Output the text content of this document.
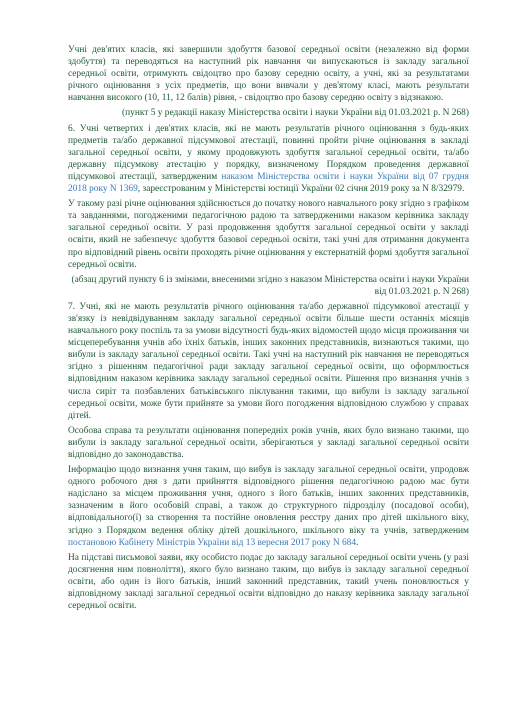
Учні дев'ятих класів, які завершили здобуття базової середньої освіти (незалежно від форми здобуття) та переводяться на наступний рік навчання чи випускаються із закладу загальної середньої освіти, отримують свідоцтво про базову середню освіту, а учні, які за результатами річного оцінювання з усіх предметів, що вони вивчали у дев'ятому класі, мають результати навчання високого (10, 11, 12 балів) рівня, - свідоцтво про базову середню освіту з відзнакою.

(пункт 5 у редакції наказу Міністерства освіти і науки України від 01.03.2021 р. N 268)

6. Учні четвертих і дев'ятих класів, які не мають результатів річного оцінювання з будь-яких предметів та/або державної підсумкової атестації, повинні пройти річне оцінювання в закладі загальної середньої освіти, у якому продовжують здобуття загальної середньої освіти, та/або державну підсумкову атестацію у порядку, визначеному Порядком проведення державної підсумкової атестації, затвердженим наказом Міністерства освіти і науки України від 07 грудня 2018 року N 1369, зареєстрованим у Міністерстві юстиції України 02 січня 2019 року за N 8/32979.

У такому разі річне оцінювання здійснюється до початку нового навчального року згідно з графіком та завданнями, погодженими педагогічною радою та затвердженими наказом керівника закладу загальної середньої освіти. У разі продовження здобуття загальної середньої освіти у закладі освіти, який не забезпечує здобуття базової середньої освіти, такі учні для отримання документа про відповідний рівень освіти проходять річне оцінювання у екстернатній формі здобуття загальної середньої освіти.

(абзац другий пункту 6 із змінами, внесеними згідно з наказом Міністерства освіти і науки України від 01.03.2021 р. N 268)

7. Учні, які не мають результатів річного оцінювання та/або державної підсумкової атестації у зв'язку із невідвідуванням закладу загальної середньої освіти більше шести останніх місяців навчального року поспіль та за умови відсутності будь-яких відомостей щодо місця проживання чи місцеперебування учнів або їхніх батьків, інших законних представників, визнаються такими, що вибули із закладу загальної середньої освіти. Такі учні на наступний рік навчання не переводяться згідно з рішенням педагогічної ради закладу загальної середньої освіти, що оформлюється відповідним наказом керівника закладу загальної середньої освіти. Рішення про визнання учнів з числа сиріт та позбавлених батьківського піклування такими, що вибули із закладу загальної середньої освіти, може бути прийняте за умови його погодження відповідною службою у справах дітей.

Особова справа та результати оцінювання попередніх років учнів, яких було визнано такими, що вибули із закладу загальної середньої освіти, зберігаються у закладі загальної середньої освіти відповідно до законодавства.

Інформацію щодо визнання учня таким, що вибув із закладу загальної середньої освіти, упродовж одного робочого дня з дати прийняття відповідного рішення педагогічною радою має бути надіслано за місцем проживання учня, одного з його батьків, інших законних представників, зазначеним в його особовій справі, а також до структурного підрозділу (посадової особи), відповідального(ї) за створення та постійне оновлення реєстру даних про дітей шкільного віку, згідно з Порядком ведення обліку дітей дошкільного, шкільного віку та учнів, затвердженим постановою Кабінету Міністрів України від 13 вересня 2017 року N 684.

На підставі письмової заяви, яку особисто подає до закладу загальної середньої освіти учень (у разі досягнення ним повноліття), якого було визнано таким, що вибув із закладу загальної середньої освіти, або один із його батьків, інший законний представник, такий учень поновлюється у відповідному закладі загальної середньої освіти відповідно до наказу керівника закладу загальної середньої освіти.
